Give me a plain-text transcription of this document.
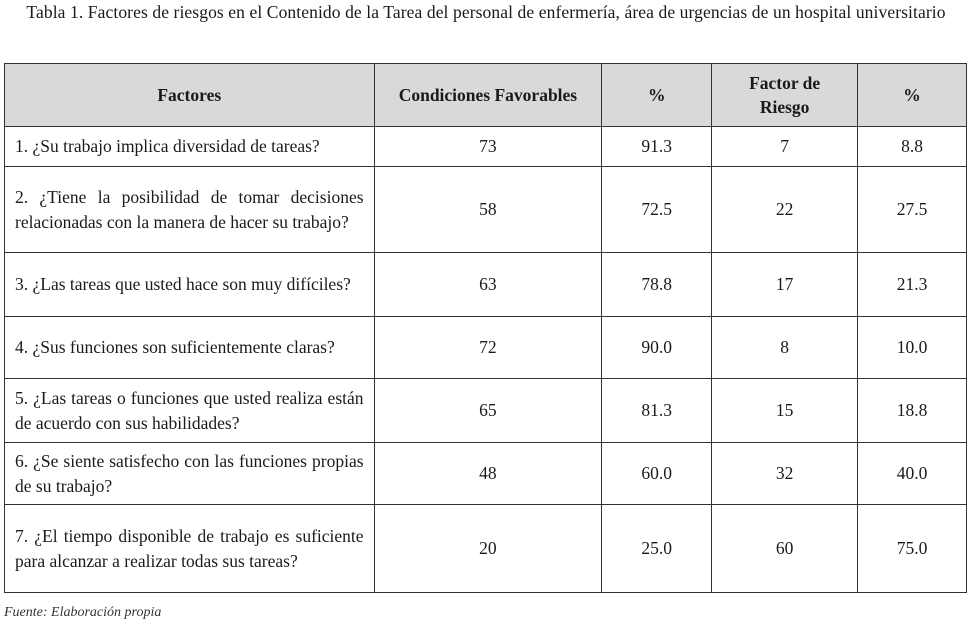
Tabla 1. Factores de riesgos en el Contenido de la Tarea del personal de enfermería, área de urgencias de un hospital universitario
Factores	Condiciones Favorables	%	Factor de Riesgo	%
1. ¿Su trabajo implica diversidad de tareas?	73	91.3	7	8.8
2. ¿Tiene la posibilidad de tomar decisiones relacionadas con la manera de hacer su trabajo?	58	72.5	22	27.5
3. ¿Las tareas que usted hace son muy difíciles?	63	78.8	17	21.3
4. ¿Sus funciones son suficientemente claras?	72	90.0	8	10.0
5. ¿Las tareas o funciones que usted realiza están de acuerdo con sus habilidades?	65	81.3	15	18.8
6. ¿Se siente satisfecho con las funciones propias de su trabajo?	48	60.0	32	40.0
7. ¿El tiempo disponible de trabajo es suficiente para alcanzar a realizar todas sus tareas?	20	25.0	60	75.0
Fuente: Elaboración propia
